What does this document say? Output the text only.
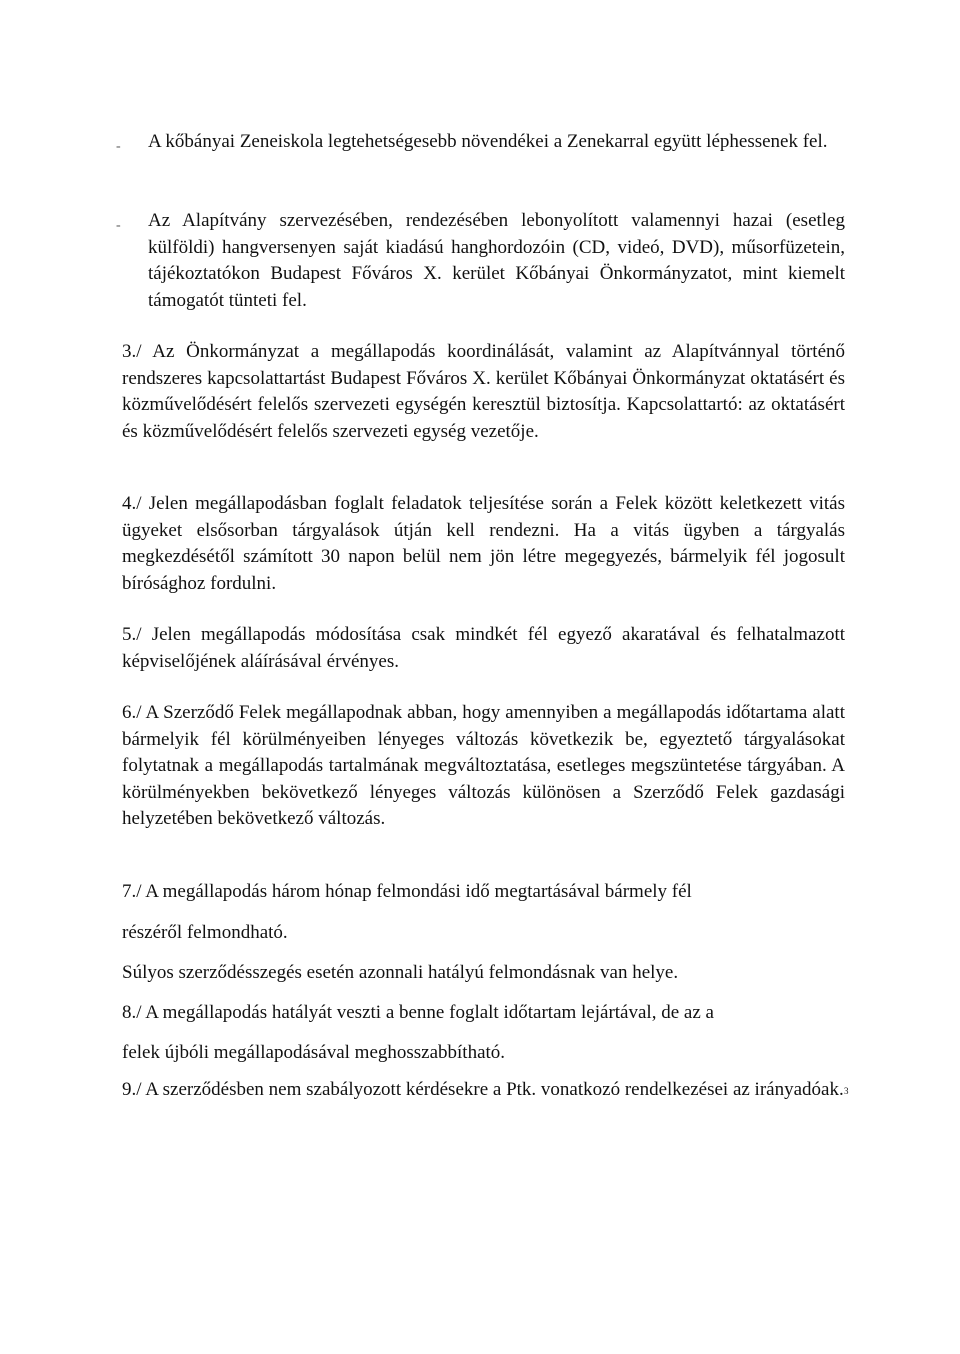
-	A kőbányai Zeneiskola legtehetségesebb növendékei a Zenekarral együtt léphessenek fel.

-	Az Alapítvány szervezésében, rendezésében lebonyolított valamennyi hazai (esetleg külföldi) hangversenyen saját kiadású hanghordozóin (CD, videó, DVD), műsorfüzetein, tájékoztatókon Budapest Főváros X. kerület Kőbányai Önkormányzatot, mint kiemelt támogatót tünteti fel.

3./ Az Önkormányzat a megállapodás koordinálását, valamint az Alapítvánnyal történő rendszeres kapcsolattartást Budapest Főváros X. kerület Kőbányai Önkormányzat oktatásért és közművelődésért felelős szervezeti egységén keresztül biztosítja. Kapcsolattartó: az oktatásért és közművelődésért felelős szervezeti egység vezetője.

4./ Jelen megállapodásban foglalt feladatok teljesítése során a Felek között keletkezett vitás ügyeket elsősorban tárgyalások útján kell rendezni. Ha a vitás ügyben a tárgyalás megkezdésétől számított 30 napon belül nem jön létre megegyezés, bármelyik fél jogosult bírósághoz fordulni.

5./ Jelen megállapodás módosítása csak mindkét fél egyező akaratával és felhatalmazott képviselőjének aláírásával érvényes.

6./ A Szerződő Felek megállapodnak abban, hogy amennyiben a megállapodás időtartama alatt bármelyik fél körülményeiben lényeges változás következik be, egyeztető tárgyalásokat folytatnak a megállapodás tartalmának megváltoztatása, esetleges megszüntetése tárgyában. A körülményekben bekövetkező lényeges változás különösen a Szerződő Felek gazdasági helyzetében bekövetkező változás.

7./ A megállapodás három hónap felmondási idő megtartásával bármely fél

részéről felmondható.

Súlyos szerződésszegés esetén azonnali hatályú felmondásnak van helye.

8./ A megállapodás hatályát veszti a benne foglalt időtartam lejártával, de az a

felek újbóli megállapodásával meghosszabbítható.

9./ A szerződésben nem szabályozott kérdésekre a Ptk. vonatkozó rendelkezései az irányadóak. 3
